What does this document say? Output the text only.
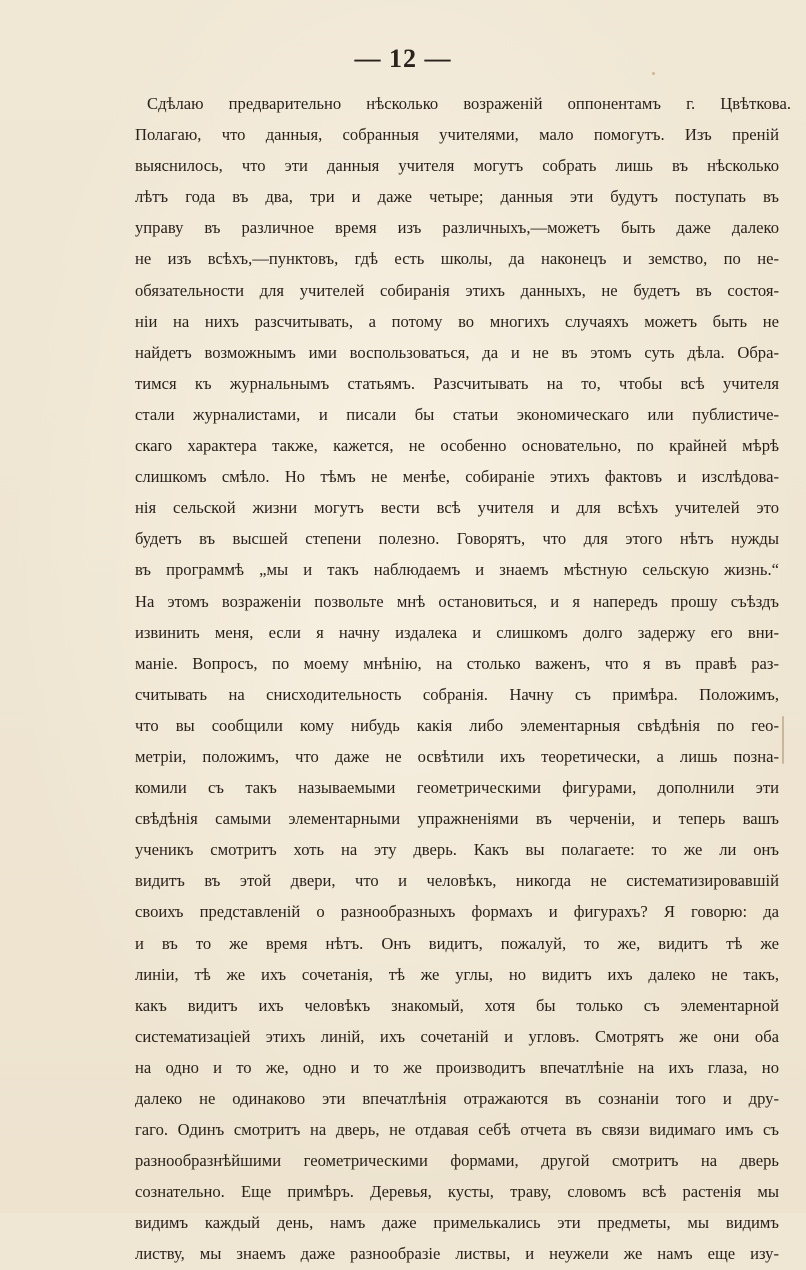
— 12 —
Сдѣлаю предварительно нѣсколько возраженій оппонентамъ г. Цвѣткова.
Полагаю, что данныя, собранныя учителями, мало помогутъ. Изъ преній
выяснилось, что эти данныя учителя могутъ собрать лишь въ нѣсколько
лѣтъ года въ два, три и даже четыре; данныя эти будутъ поступать въ
управу въ различное время изъ различныхъ,—можетъ быть даже далеко
не изъ всѣхъ,—пунктовъ, гдѣ есть школы, да наконецъ и земство, по не-
обязательности для учителей собиранія этихъ данныхъ, не будетъ въ состоя-
ніи на нихъ разсчитывать, а потому во многихъ случаяхъ можетъ быть не
найдетъ возможнымъ ими воспользоваться, да и не въ этомъ суть дѣла. Обра-
тимся къ журнальнымъ статьямъ. Разсчитывать на то, чтобы всѣ учителя
стали журналистами, и писали бы статьи экономическаго или публистиче-
скаго характера также, кажется, не особенно основательно, по крайней мѣрѣ
слишкомъ смѣло. Но тѣмъ не менѣе, собираніе этихъ фактовъ и изслѣдова-
нія сельской жизни могутъ вести всѣ учителя и для всѣхъ учителей это
будетъ въ высшей степени полезно. Говорятъ, что для этого нѣтъ нужды
въ программѣ „мы и такъ наблюдаемъ и знаемъ мѣстную сельскую жизнь.“
На этомъ возраженіи позвольте мнѣ остановиться, и я напередъ прошу съѣздъ
извинить меня, если я начну издалека и слишкомъ долго задержу его вни-
маніе. Вопросъ, по моему мнѣнію, на столько важенъ, что я въ правѣ раз-
считывать на снисходительность собранія. Начну съ примѣра. Положимъ,
что вы сообщили кому нибудь какія либо элементарныя свѣдѣнія по гео-
метріи, положимъ, что даже не освѣтили ихъ теоретически, а лишь позна-
комили съ такъ называемыми геометрическими фигурами, дополнили эти
свѣдѣнія самыми элементарными упражненіями въ черченіи, и теперь вашъ
ученикъ смотритъ хоть на эту дверь. Какъ вы полагаете: то же ли онъ
видитъ въ этой двери, что и человѣкъ, никогда не систематизировавшій
своихъ представленій о разнообразныхъ формахъ и фигурахъ? Я говорю: да
и въ то же время нѣтъ. Онъ видитъ, пожалуй, то же, видитъ тѣ же
линіи, тѣ же ихъ сочетанія, тѣ же углы, но видитъ ихъ далеко не такъ,
какъ видитъ ихъ человѣкъ знакомый, хотя бы только съ элементарной
систематизаціей этихъ линій, ихъ сочетаній и угловъ. Смотрятъ же они оба
на одно и то же, одно и то же производитъ впечатлѣніе на ихъ глаза, но
далеко не одинаково эти впечатлѣнія отражаются въ сознаніи того и дру-
гаго. Одинъ смотритъ на дверь, не отдавая себѣ отчета въ связи видимаго имъ съ
разнообразнѣйшими геометрическими формами, другой смотритъ на дверь
сознательно. Еще примѣръ. Деревья, кусты, траву, словомъ всѣ растенія мы
видимъ каждый день, намъ даже примелькались эти предметы, мы видимъ
листву, мы знаемъ даже разнообразіе листвы, и неужели же намъ еще изу-
